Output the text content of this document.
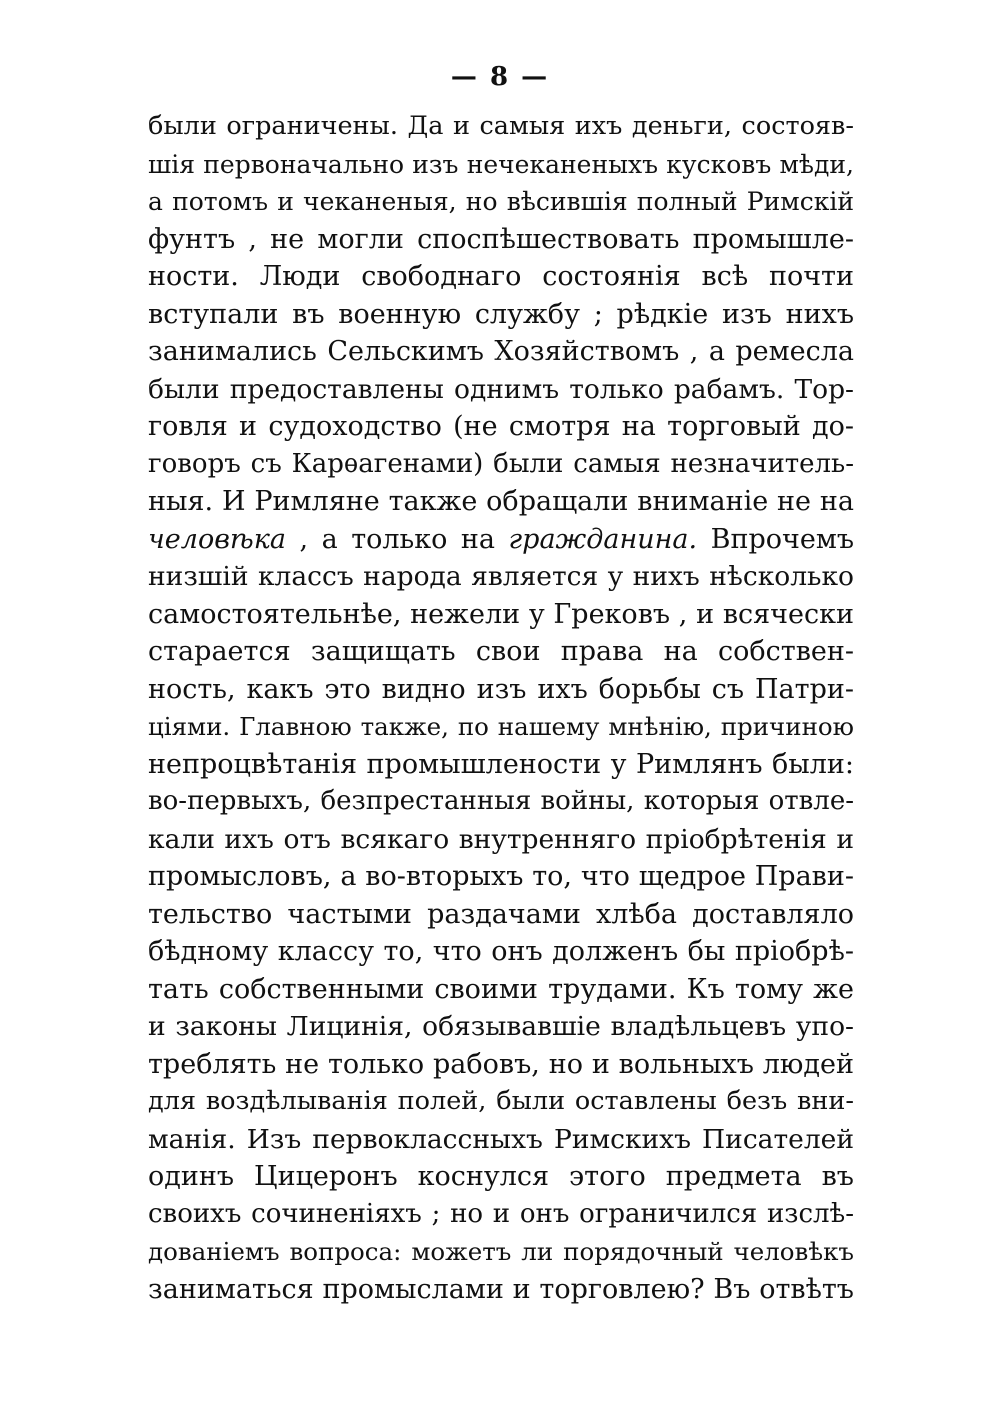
— 8 —
были ограничены. Да и самыя ихъ деньги, состояв-
шія первоначально изъ нечеканеныхъ кусковъ мѣди,
а потомъ и чеканеныя, но вѣсившія полный Римскій
фунтъ , не могли споспѣшествовать промышле-
ности. Люди свободнаго состоянія всѣ почти
вступали въ военную службу ; рѣдкіе изъ нихъ
занимались Сельскимъ Хозяйствомъ , а ремесла
были предоставлены однимъ только рабамъ. Тор-
говля и судоходство (не смотря на торговый до-
говоръ съ Карѳагенами) были самыя незначитель-
ныя. И Римляне также обращали вниманіе не на
человѣка , а только на гражданина. Впрочемъ
низшій классъ народа является у нихъ нѣсколько
самостоятельнѣе, нежели у Грековъ , и всячески
старается защищать свои права на собствен-
ность, какъ это видно изъ ихъ борьбы съ Патри-
ціями. Главною также, по нашему мнѣнію, причиною
непроцвѣтанія промышлености у Римлянъ были:
во-первыхъ, безпрестанныя войны, которыя отвле-
кали ихъ отъ всякаго внутренняго пріобрѣтенія и
промысловъ, а во-вторыхъ то, что щедрое Прави-
тельство частыми раздачами хлѣба доставляло
бѣдному классу то, что онъ долженъ бы пріобрѣ-
тать собственными своими трудами. Къ тому же
и законы Лицинія, обязывавшіе владѣльцевъ упо-
треблять не только рабовъ, но и вольныхъ людей
для воздѣлыванія полей, были оставлены безъ вни-
манія. Изъ первоклассныхъ Римскихъ Писателей
одинъ Цицеронъ коснулся этого предмета въ
своихъ сочиненіяхъ ; но и онъ ограничился изслѣ-
дованіемъ вопроса: можетъ ли порядочный человѣкъ
заниматься промыслами и торговлею? Въ отвѣтъ
